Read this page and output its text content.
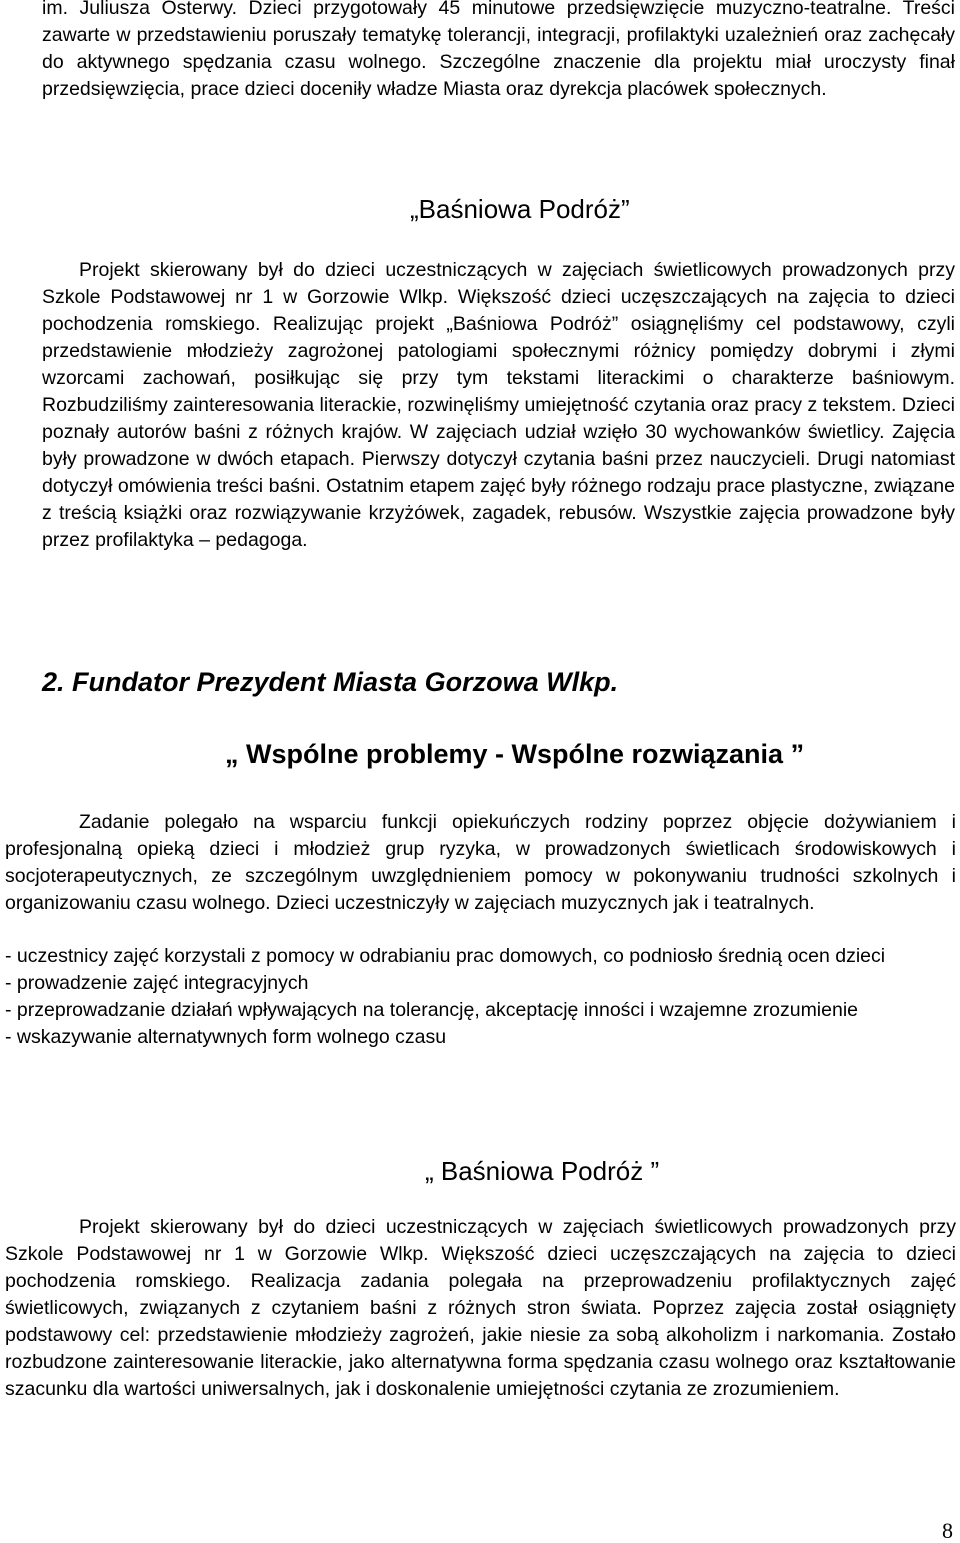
im. Juliusza Osterwy. Dzieci przygotowały 45 minutowe przedsięwzięcie muzyczno-teatralne. Treści zawarte w przedstawieniu poruszały tematykę tolerancji, integracji, profilaktyki uzależnień oraz zachęcały do aktywnego spędzania czasu wolnego. Szczególne znaczenie dla projektu miał uroczysty finał przedsięwzięcia, prace dzieci doceniły władze Miasta oraz dyrekcja placówek społecznych.

„Baśniowa Podróż”

Projekt skierowany był do dzieci uczestniczących w zajęciach świetlicowych prowadzonych przy Szkole Podstawowej nr 1 w Gorzowie Wlkp. Większość dzieci uczęszczających na zajęcia to dzieci pochodzenia romskiego. Realizując projekt „Baśniowa Podróż” osiągnęliśmy cel podstawowy, czyli przedstawienie młodzieży zagrożonej patologiami społecznymi różnicy pomiędzy dobrymi i złymi wzorcami zachowań, posiłkując się przy tym tekstami literackimi o charakterze baśniowym. Rozbudziliśmy zainteresowania literackie, rozwinęliśmy umiejętność czytania oraz pracy z tekstem. Dzieci poznały autorów baśni z różnych krajów. W zajęciach udział wzięło 30 wychowanków świetlicy. Zajęcia były prowadzone w dwóch etapach. Pierwszy dotyczył czytania baśni przez nauczycieli. Drugi natomiast dotyczył omówienia treści baśni. Ostatnim etapem zajęć były różnego rodzaju prace plastyczne, związane z treścią książki oraz rozwiązywanie krzyżówek, zagadek, rebusów. Wszystkie zajęcia prowadzone były przez profilaktyka – pedagoga.

2. Fundator Prezydent Miasta Gorzowa Wlkp.
„ Wspólne problemy - Wspólne rozwiązania ”

Zadanie polegało na wsparciu funkcji opiekuńczych rodziny poprzez objęcie dożywianiem i profesjonalną opieką dzieci i młodzież grup ryzyka, w prowadzonych świetlicach środowiskowych i socjoterapeutycznych, ze szczególnym uwzględnieniem pomocy w pokonywaniu trudności szkolnych i organizowaniu czasu wolnego. Dzieci uczestniczyły w zajęciach muzycznych jak i teatralnych.

- uczestnicy zajęć korzystali z pomocy w odrabianiu prac domowych, co podniosło średnią ocen dzieci
- prowadzenie zajęć integracyjnych
- przeprowadzanie działań wpływających na tolerancję, akceptację inności i wzajemne zrozumienie
- wskazywanie alternatywnych form wolnego czasu
„ Baśniowa Podróż ”

Projekt skierowany był do dzieci uczestniczących w zajęciach świetlicowych prowadzonych przy Szkole Podstawowej nr 1 w Gorzowie Wlkp. Większość dzieci uczęszczających na zajęcia to dzieci pochodzenia romskiego. Realizacja zadania polegała na przeprowadzeniu profilaktycznych zajęć świetlicowych, związanych z czytaniem baśni z różnych stron świata. Poprzez zajęcia został osiągnięty podstawowy cel: przedstawienie młodzieży zagrożeń, jakie niesie za sobą alkoholizm i narkomania. Zostało rozbudzone zainteresowanie literackie, jako alternatywna forma spędzania czasu wolnego oraz kształtowanie szacunku dla wartości uniwersalnych, jak i doskonalenie umiejętności czytania ze zrozumieniem.

8
